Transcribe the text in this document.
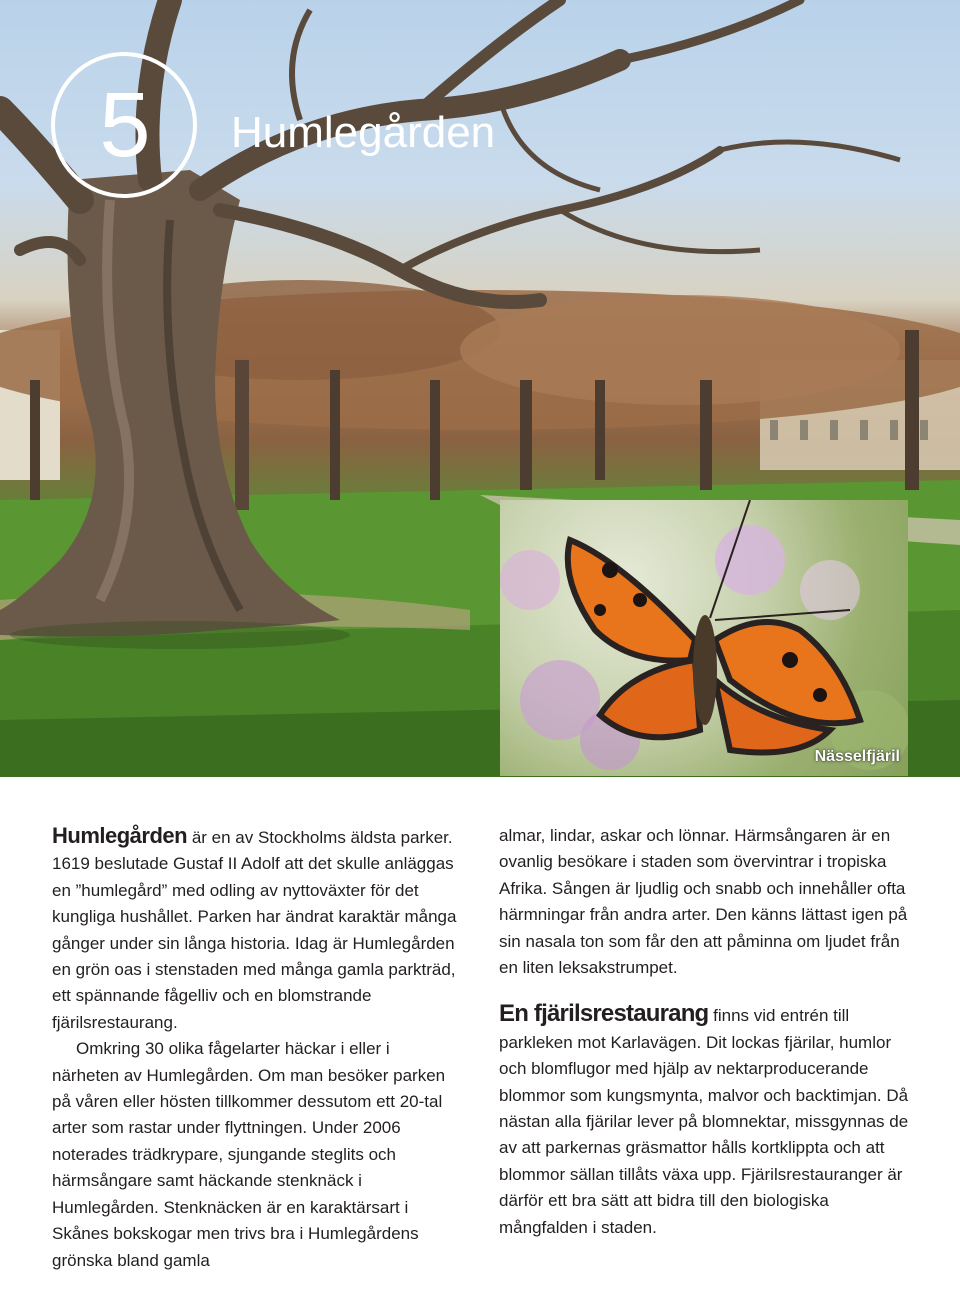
5 Humlegården
Nässelfjäril

Humlegården är en av Stockholms äldsta parker. 1619 beslutade Gustaf II Adolf att det skulle anläggas en ”humlegård” med odling av nyttoväxter för det kungliga hushållet. Parken har ändrat karaktär många gånger under sin långa historia. Idag är Humlegården en grön oas i stenstaden med många gamla parkträd, ett spännande fågelliv och en blomstrande fjärilsrestaurang.

Omkring 30 olika fågelarter häckar i eller i närheten av Humlegården. Om man besöker parken på våren eller hösten tillkommer dessutom ett 20-tal arter som rastar under flyttningen. Under 2006 noterades trädkrypare, sjungande steglits och härmsångare samt häckande stenknäck i Humlegården. Stenknäcken är en karaktärsart i Skånes bokskogar men trivs bra i Humlegårdens grönska bland gamla

almar, lindar, askar och lönnar. Härmsångaren är en ovanlig besökare i staden som övervintrar i tropiska Afrika. Sången är ljudlig och snabb och innehåller ofta härmningar från andra arter. Den känns lättast igen på sin nasala ton som får den att påminna om ljudet från en liten leksakstrumpet.

En fjärilsrestaurang finns vid entrén till parkleken mot Karlavägen. Dit lockas fjärilar, humlor och blomflugor med hjälp av nektarproducerande blommor som kungsmynta, malvor och backtimjan. Då nästan alla fjärilar lever på blomnektar, missgynnas de av att parkernas gräsmattor hålls kortklippta och att blommor sällan tillåts växa upp. Fjärilsrestauranger är därför ett bra sätt att bidra till den biologiska mångfalden i staden.
